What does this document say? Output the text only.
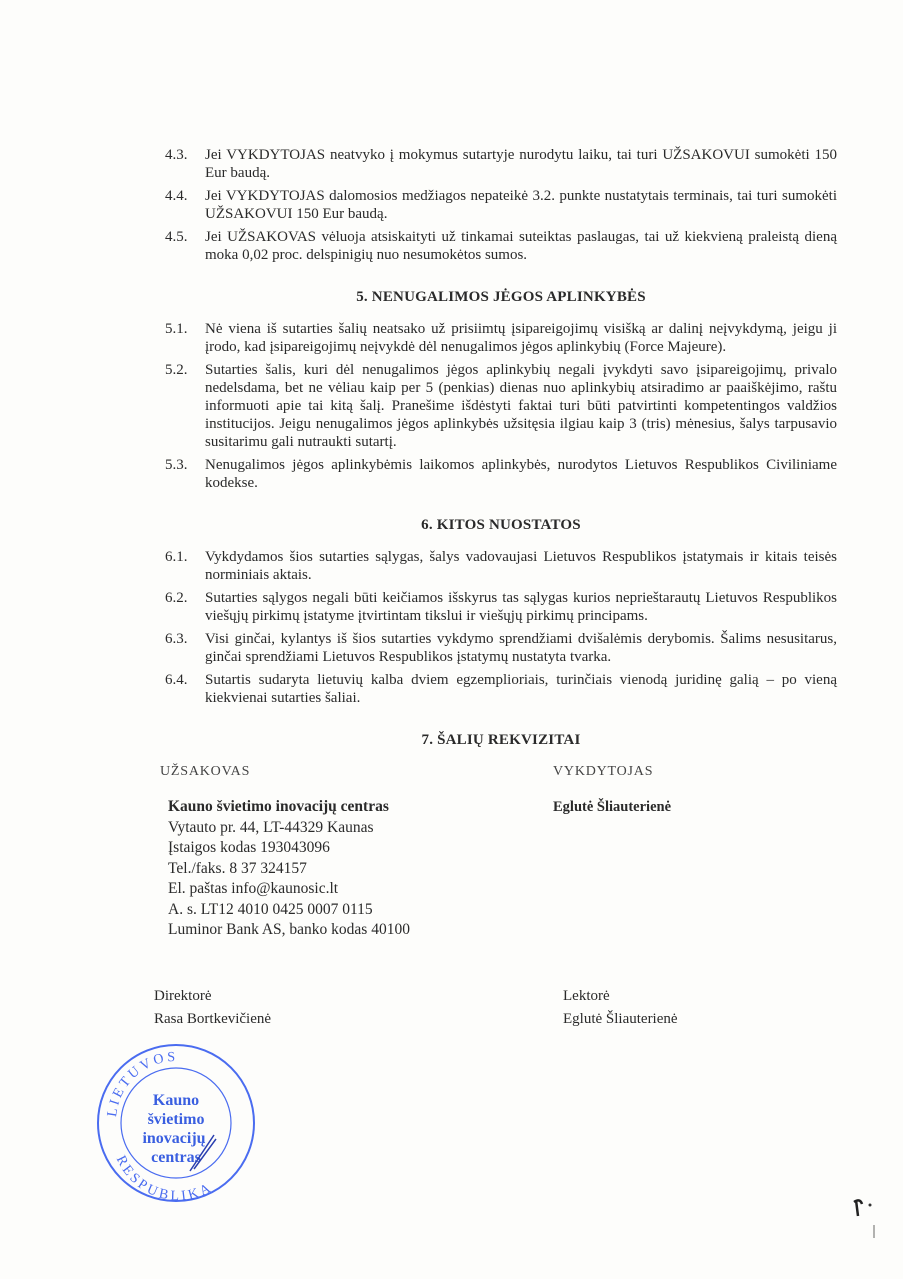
4.3.	Jei VYKDYTOJAS neatvyko į mokymus sutartyje nurodytu laiku, tai turi UŽSAKOVUI sumokėti 150 Eur baudą.
4.4.	Jei VYKDYTOJAS dalomosios medžiagos nepateikė 3.2. punkte nustatytais terminais, tai turi sumokėti UŽSAKOVUI 150 Eur baudą.
4.5.	Jei UŽSAKOVAS vėluoja atsiskaityti už tinkamai suteiktas paslaugas, tai už kiekvieną praleistą dieną moka 0,02 proc. delspinigių nuo nesumokėtos sumos.
5. NENUGALIMOS JĖGOS APLINKYBĖS
5.1.	Nė viena iš sutarties šalių neatsako už prisiimtų įsipareigojimų visišką ar dalinį neįvykdymą, jeigu ji įrodo, kad įsipareigojimų neįvykdė dėl nenugalimos jėgos aplinkybių (Force Majeure).
5.2.	Sutarties šalis, kuri dėl nenugalimos jėgos aplinkybių negali įvykdyti savo įsipareigojimų, privalo nedelsdama, bet ne vėliau kaip per 5 (penkias) dienas nuo aplinkybių atsiradimo ar paaiškėjimo, raštu informuoti apie tai kitą šalį. Pranešime išdėstyti faktai turi būti patvirtinti kompetentingos valdžios institucijos. Jeigu nenugalimos jėgos aplinkybės užsitęsia ilgiau kaip 3 (tris) mėnesius, šalys tarpusavio susitarimu gali nutraukti sutartį.
5.3.	Nenugalimos jėgos aplinkybėmis laikomos aplinkybės, nurodytos Lietuvos Respublikos Civiliniame kodekse.
6. KITOS NUOSTATOS
6.1.	Vykdydamos šios sutarties sąlygas, šalys vadovaujasi Lietuvos Respublikos įstatymais ir kitais teisės norminiais aktais.
6.2.	Sutarties sąlygos negali būti keičiamos išskyrus tas sąlygas kurios neprieštarautų Lietuvos Respublikos viešųjų pirkimų įstatyme įtvirtintam tikslui ir viešųjų pirkimų principams.
6.3.	Visi ginčai, kylantys iš šios sutarties vykdymo sprendžiami dvišalėmis derybomis. Šalims nesusitarus, ginčai sprendžiami Lietuvos Respublikos įstatymų nustatyta tvarka.
6.4.	Sutartis sudaryta lietuvių kalba dviem egzemplioriais, turinčiais vienodą juridinę galią – po vieną kiekvienai sutarties šaliai.
7. ŠALIŲ REKVIZITAI
UŽSAKOVAS
Kauno švietimo inovacijų centras
Vytauto pr. 44, LT-44329 Kaunas
Įstaigos kodas 193043096
Tel./faks. 8 37 324157
El. paštas info@kaunosic.lt
A. s. LT12 4010 0425 0007 0115
Luminor Bank AS, banko kodas 40100
VYKDYTOJAS
Eglutė Šliauterienė
Direktorė
Rasa Bortkevičienė
LIETUVOS
RESPUBLIKA
Kauno
švietimo
inovacijų
centras
Lektorė
Eglutė Šliauterienė
